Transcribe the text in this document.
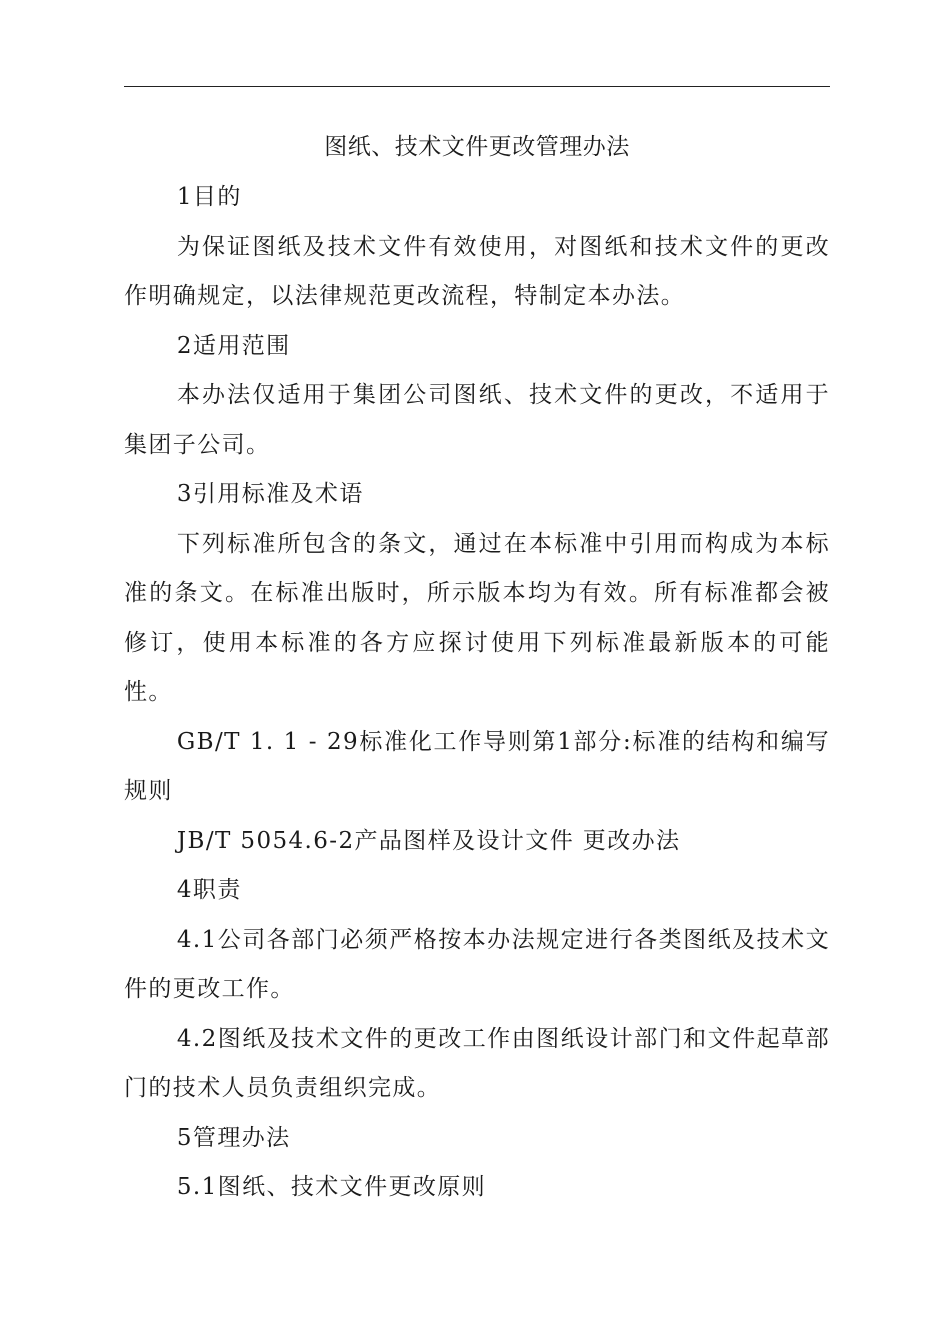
图纸、技术文件更改管理办法

1目的

为保证图纸及技术文件有效使用，对图纸和技术文件的更改作明确规定，以法律规范更改流程，特制定本办法。

2适用范围

本办法仅适用于集团公司图纸、技术文件的更改，不适用于集团子公司。

3引用标准及术语

下列标准所包含的条文，通过在本标准中引用而构成为本标准的条文。在标准出版时，所示版本均为有效。所有标准都会被修订，使用本标准的各方应探讨使用下列标准最新版本的可能性。

GB/T 1. 1 - 29标准化工作导则第1部分:标准的结构和编写规则

JB/T 5054.6-2产品图样及设计文件 更改办法

4职责

4.1公司各部门必须严格按本办法规定进行各类图纸及技术文件的更改工作。

4.2图纸及技术文件的更改工作由图纸设计部门和文件起草部门的技术人员负责组织完成。

5管理办法

5.1图纸、技术文件更改原则
